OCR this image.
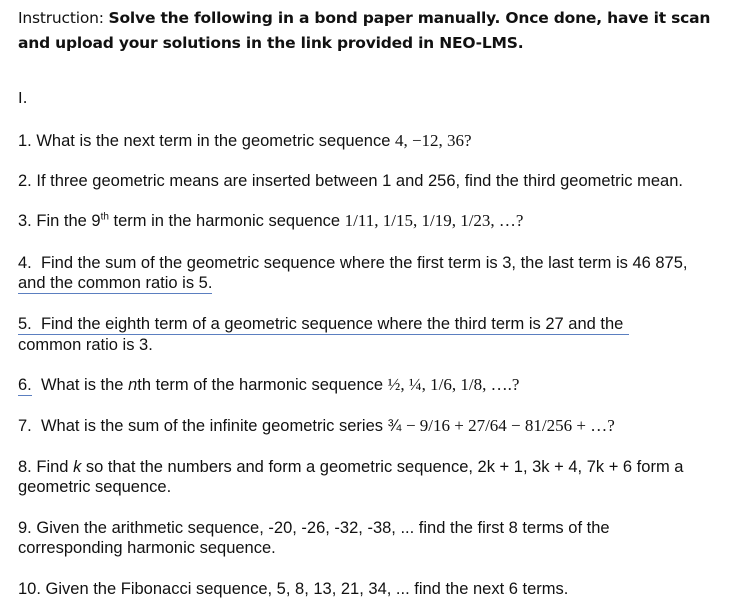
Instruction: Solve the following in a bond paper manually. Once done, have it scan and upload your solutions in the link provided in NEO-LMS.
I.
1. What is the next term in the geometric sequence 4, −12, 36?
2. If three geometric means are inserted between 1 and 256, find the third geometric mean.
3. Fin the 9th term in the harmonic sequence 1/11, 1/15, 1/19, 1/23, …?
4. Find the sum of the geometric sequence where the first term is 3, the last term is 46 875,
and the common ratio is 5.
5. Find the eighth term of a geometric sequence where the third term is 27 and the
common ratio is 3.
6. What is the nth term of the harmonic sequence ½, ¼, 1/6, 1/8, ….?
7. What is the sum of the infinite geometric series ¾ − 9/16 + 27/64 − 81/256 + …?
8. Find k so that the numbers and form a geometric sequence, 2k + 1, 3k + 4, 7k + 6 form a
geometric sequence.
9. Given the arithmetic sequence, -20, -26, -32, -38, ... find the first 8 terms of the
corresponding harmonic sequence.
10. Given the Fibonacci sequence, 5, 8, 13, 21, 34, ... find the next 6 terms.
